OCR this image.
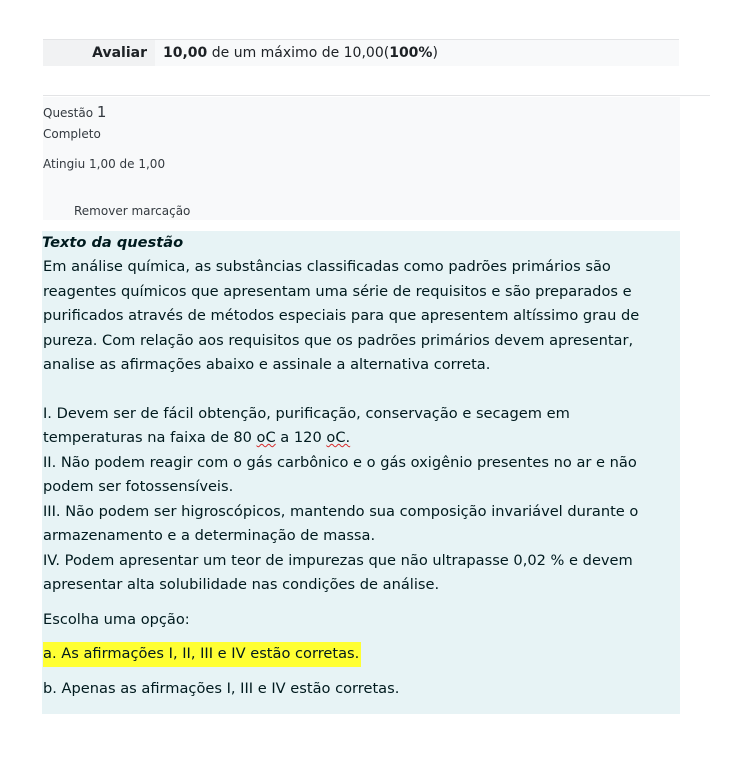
Avaliar	10,00 de um máximo de 10,00(100%)
Questão 1
Completo
Atingiu 1,00 de 1,00
Remover marcação
Texto da questão

Em análise química, as substâncias classificadas como padrões primários são reagentes químicos que apresentam uma série de requisitos e são preparados e purificados através de métodos especiais para que apresentem altíssimo grau de pureza. Com relação aos requisitos que os padrões primários devem apresentar, analise as afirmações abaixo e assinale a alternativa correta.

I. Devem ser de fácil obtenção, purificação, conservação e secagem em temperaturas na faixa de 80 oC a 120 oC.

II. Não podem reagir com o gás carbônico e o gás oxigênio presentes no ar e não podem ser fotossensíveis.

III. Não podem ser higroscópicos, mantendo sua composição invariável durante o armazenamento e a determinação de massa.

IV. Podem apresentar um teor de impurezas que não ultrapasse 0,02 % e devem apresentar alta solubilidade nas condições de análise.

Escolha uma opção:
a. As afirmações I, II, III e IV estão corretas.
b. Apenas as afirmações I, III e IV estão corretas.
